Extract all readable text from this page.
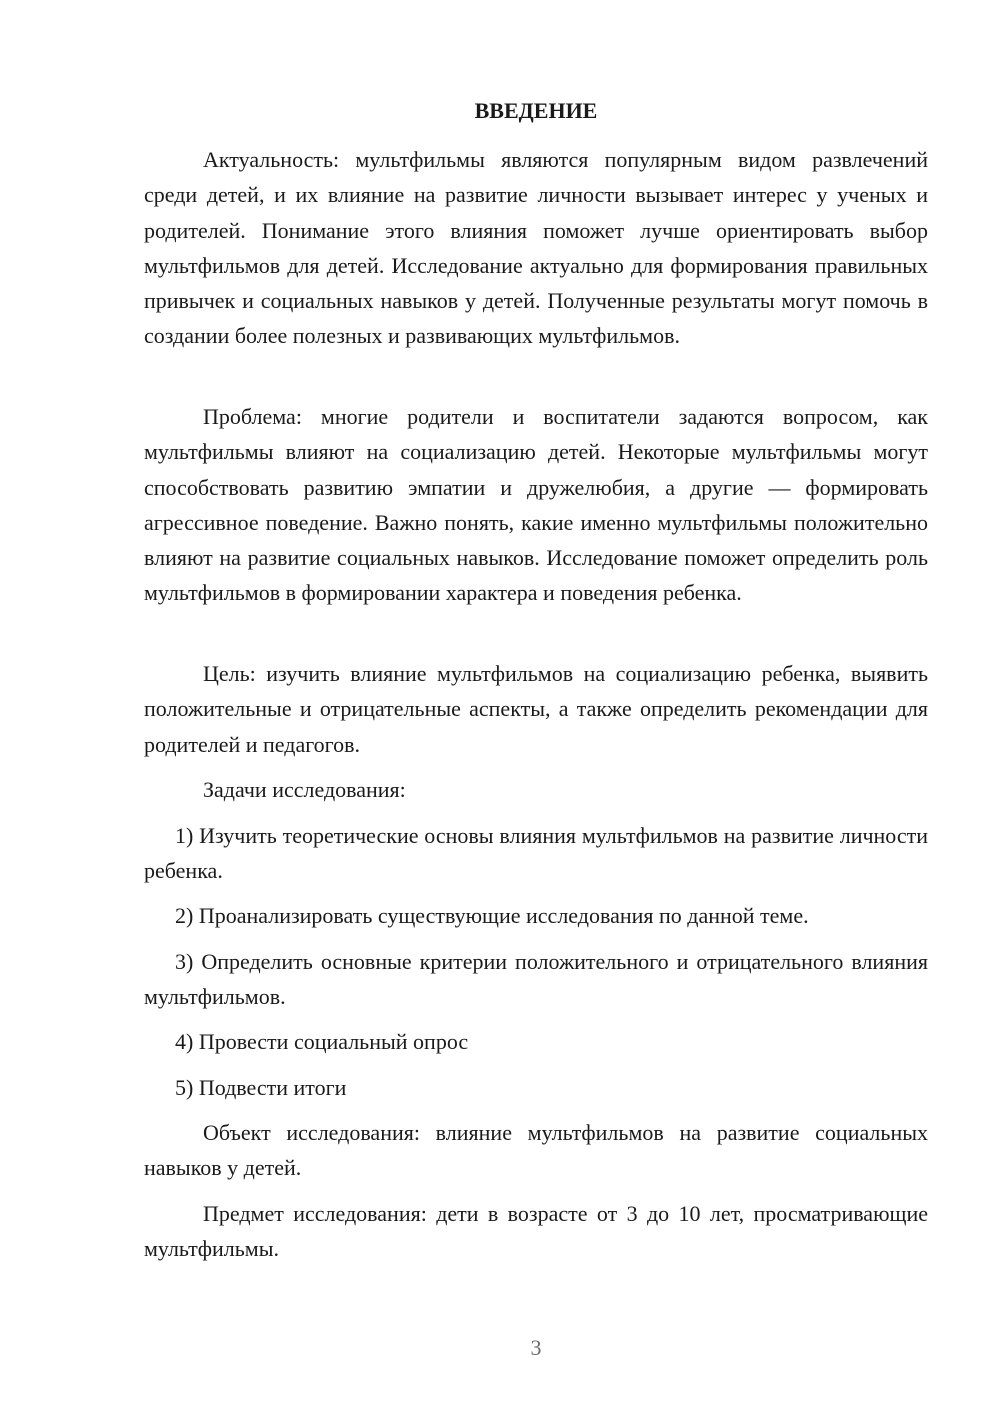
ВВЕДЕНИЕ

Актуальность: мультфильмы являются популярным видом развлечений среди детей, и их влияние на развитие личности вызывает интерес у ученых и родителей. Понимание этого влияния поможет лучше ориентировать выбор мультфильмов для детей. Исследование актуально для формирования правильных привычек и социальных навыков у детей. Полученные результаты могут помочь в создании более полезных и развивающих мультфильмов.

Проблема: многие родители и воспитатели задаются вопросом, как мультфильмы влияют на социализацию детей. Некоторые мультфильмы могут способствовать развитию эмпатии и дружелюбия, а другие — формировать агрессивное поведение. Важно понять, какие именно мультфильмы положительно влияют на развитие социальных навыков. Исследование поможет определить роль мультфильмов в формировании характера и поведения ребенка.

Цель: изучить влияние мультфильмов на социализацию ребенка, выявить положительные и отрицательные аспекты, а также определить рекомендации для родителей и педагогов.

Задачи исследования:

1) Изучить теоретические основы влияния мультфильмов на развитие личности ребенка.

2) Проанализировать существующие исследования по данной теме.

3) Определить основные критерии положительного и отрицательного влияния мультфильмов.

4) Провести социальный опрос

5) Подвести итоги

Объект исследования: влияние мультфильмов на развитие социальных навыков у детей.

Предмет исследования: дети в возрасте от 3 до 10 лет, просматривающие мультфильмы.

3
